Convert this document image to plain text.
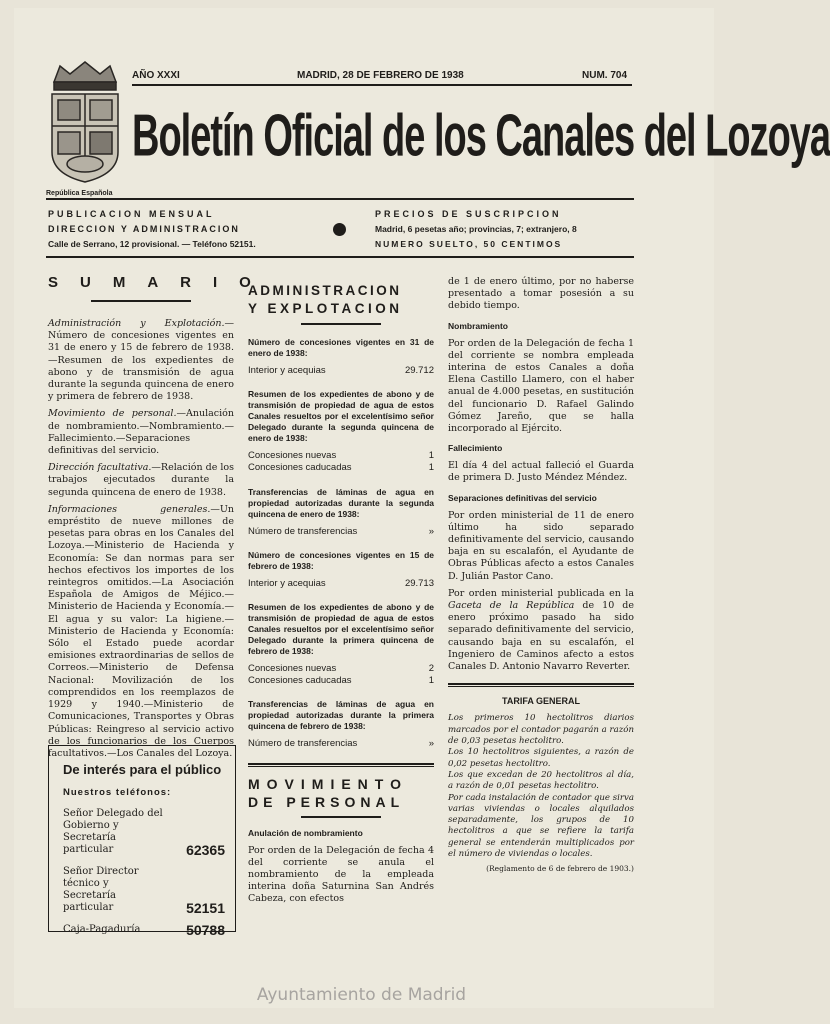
AÑO XXXI	MADRID, 28 DE FEBRERO DE 1938	NUM. 704
República Española
Boletín Oficial de los Canales del Lozoya
PUBLICACION MENSUAL
DIRECCION Y ADMINISTRACION
Calle de Serrano, 12 provisional. — Teléfono 52151.
PRECIOS DE SUSCRIPCION
Madrid, 6 pesetas año; provincias, 7; extranjero, 8
NUMERO SUELTO, 50 CENTIMOS
SUMARIO

Administración y Explotación.—Número de concesiones vigentes en 31 de enero y 15 de febrero de 1938.—Resumen de los expedientes de abono y de transmisión de agua durante la segunda quincena de enero y primera de febrero de 1938.

Movimiento de personal.—Anulación de nombramiento.—Nombramiento.—Fallecimiento.—Separaciones definitivas del servicio.

Dirección facultativa.—Relación de los trabajos ejecutados durante la segunda quincena de enero de 1938.

Informaciones generales.—Un empréstito de nueve millones de pesetas para obras en los Canales del Lozoya.—Ministerio de Hacienda y Economía: Se dan normas para ser hechos efectivos los importes de los reintegros omitidos.—La Asociación Española de Amigos de Méjico.—Ministerio de Hacienda y Economía.—El agua y su valor: La higiene.—Ministerio de Hacienda y Economía: Sólo el Estado puede acordar emisiones extraordinarias de sellos de Correos.—Ministerio de Defensa Nacional: Movilización de los comprendidos en los reemplazos de 1929 y 1940.—Ministerio de Comunicaciones, Transportes y Obras Públicas: Reingreso al servicio activo de los funcionarios de los Cuerpos facultativos.—Los Canales del Lozoya.

De interés para el público
Nuestros teléfonos:
Señor Delegado del Gobierno y Secretaría particular	62365
Señor Director técnico y Secretaría particular	52151
Caja-Pagaduría	50788
ADMINISTRACION
Y EXPLOTACION
Número de concesiones vigentes en 31 de enero de 1938:
Interior y acequias	29.712
Resumen de los expedientes de abono y de transmisión de propiedad de agua de estos Canales resueltos por el excelentísimo señor Delegado durante la segunda quincena de enero de 1938:
Concesiones nuevas	1
Concesiones caducadas	1
Transferencias de láminas de agua en propiedad autorizadas durante la segunda quincena de enero de 1938:
Número de transferencias	»
Número de concesiones vigentes en 15 de febrero de 1938:
Interior y acequias	29.713
Resumen de los expedientes de abono y de transmisión de propiedad de agua de estos Canales resueltos por el excelentísimo señor Delegado durante la primera quincena de febrero de 1938:
Concesiones nuevas	2
Concesiones caducadas	1
Transferencias de láminas de agua en propiedad autorizadas durante la primera quincena de febrero de 1938:
Número de transferencias	»
MOVIMIENTO
DE PERSONAL
Anulación de nombramiento

Por orden de la Delegación de fecha 4 del corriente se anula el nombramiento de la empleada interina doña Saturnina San Andrés Cabeza, con efectos

de 1 de enero último, por no haberse presentado a tomar posesión a su debido tiempo.

Nombramiento

Por orden de la Delegación de fecha 1 del corriente se nombra empleada interina de estos Canales a doña Elena Castillo Llamero, con el haber anual de 4.000 pesetas, en sustitución del funcionario D. Rafael Galindo Gómez Jareño, que se halla incorporado al Ejército.

Fallecimiento

El día 4 del actual falleció el Guarda de primera D. Justo Méndez Méndez.

Separaciones definitivas del servicio

Por orden ministerial de 11 de enero último ha sido separado definitivamente del servicio, causando baja en su escalafón, el Ayudante de Obras Públicas afecto a estos Canales D. Julián Pastor Cano.

Por orden ministerial publicada en la Gaceta de la República de 10 de enero próximo pasado ha sido separado definitivamente del servicio, causando baja en su escalafón, el Ingeniero de Caminos afecto a estos Canales D. Antonio Navarro Reverter.

TARIFA GENERAL

Los primeros 10 hectolitros diarios marcados por el contador pagarán a razón de 0,03 pesetas hectolitro.

Los 10 hectolitros siguientes, a razón de 0,02 pesetas hectolitro.

Los que excedan de 20 hectolitros al día, a razón de 0,01 pesetas hectolitro.

Por cada instalación de contador que sirva varias viviendas o locales alquilados separadamente, los grupos de 10 hectolitros a que se refiere la tarifa general se entenderán multiplicados por el número de viviendas o locales.

(Reglamento de 6 de febrero de 1903.)
Ayuntamiento de Madrid
